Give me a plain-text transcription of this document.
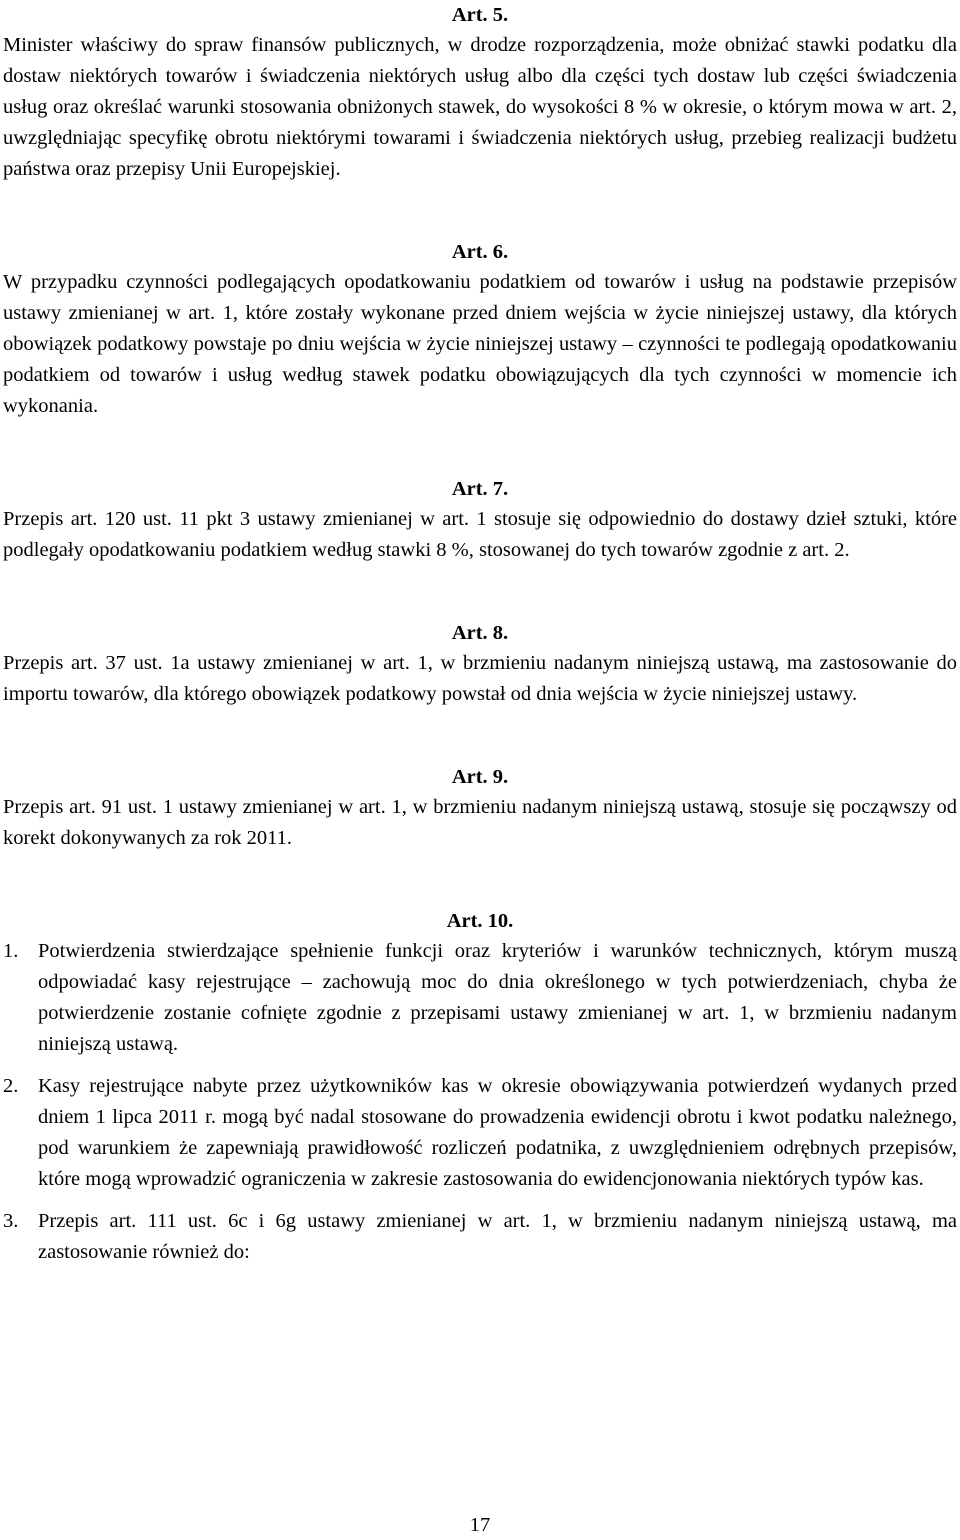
Art. 5.

Minister właściwy do spraw finansów publicznych, w drodze rozporządzenia, może obniżać stawki podatku dla dostaw niektórych towarów i świadczenia niektórych usług albo dla części tych dostaw lub części świadczenia usług oraz określać warunki stosowania obniżonych stawek, do wysokości 8 % w okresie, o którym mowa w art. 2, uwzględniając specyfikę obrotu niektórymi towarami i świadczenia niektórych usług, przebieg realizacji budżetu państwa oraz przepisy Unii Europejskiej.

Art. 6.

W przypadku czynności podlegających opodatkowaniu podatkiem od towarów i usług na podstawie przepisów ustawy zmienianej w art. 1, które zostały wykonane przed dniem wejścia w życie niniejszej ustawy, dla których obowiązek podatkowy powstaje po dniu wejścia w życie niniejszej ustawy – czynności te podlegają opodatkowaniu podatkiem od towarów i usług według stawek podatku obowiązujących dla tych czynności w momencie ich wykonania.

Art. 7.

Przepis art. 120 ust. 11 pkt 3 ustawy zmienianej w art. 1 stosuje się odpowiednio do dostawy dzieł sztuki, które podlegały opodatkowaniu podatkiem według stawki 8 %, stosowanej do tych towarów zgodnie z art. 2.

Art. 8.

Przepis art. 37 ust. 1a ustawy zmienianej w art. 1, w brzmieniu nadanym niniejszą ustawą, ma zastosowanie do importu towarów, dla którego obowiązek podatkowy powstał od dnia wejścia w życie niniejszej ustawy.

Art. 9.

Przepis art. 91 ust. 1 ustawy zmienianej w art. 1, w brzmieniu nadanym niniejszą ustawą, stosuje się począwszy od korekt dokonywanych za rok 2011.

Art. 10.
1. Potwierdzenia stwierdzające spełnienie funkcji oraz kryteriów i warunków technicznych, którym muszą odpowiadać kasy rejestrujące – zachowują moc do dnia określonego w tych potwierdzeniach, chyba że potwierdzenie zostanie cofnięte zgodnie z przepisami ustawy zmienianej w art. 1, w brzmieniu nadanym niniejszą ustawą.
2. Kasy rejestrujące nabyte przez użytkowników kas w okresie obowiązywania potwierdzeń wydanych przed dniem 1 lipca 2011 r. mogą być nadal stosowane do prowadzenia ewidencji obrotu i kwot podatku należnego, pod warunkiem że zapewniają prawidłowość rozliczeń podatnika, z uwzględnieniem odrębnych przepisów, które mogą wprowadzić ograniczenia w zakresie zastosowania do ewidencjonowania niektórych typów kas.
3. Przepis art. 111 ust. 6c i 6g ustawy zmienianej w art. 1, w brzmieniu nadanym niniejszą ustawą, ma zastosowanie również do:
17
